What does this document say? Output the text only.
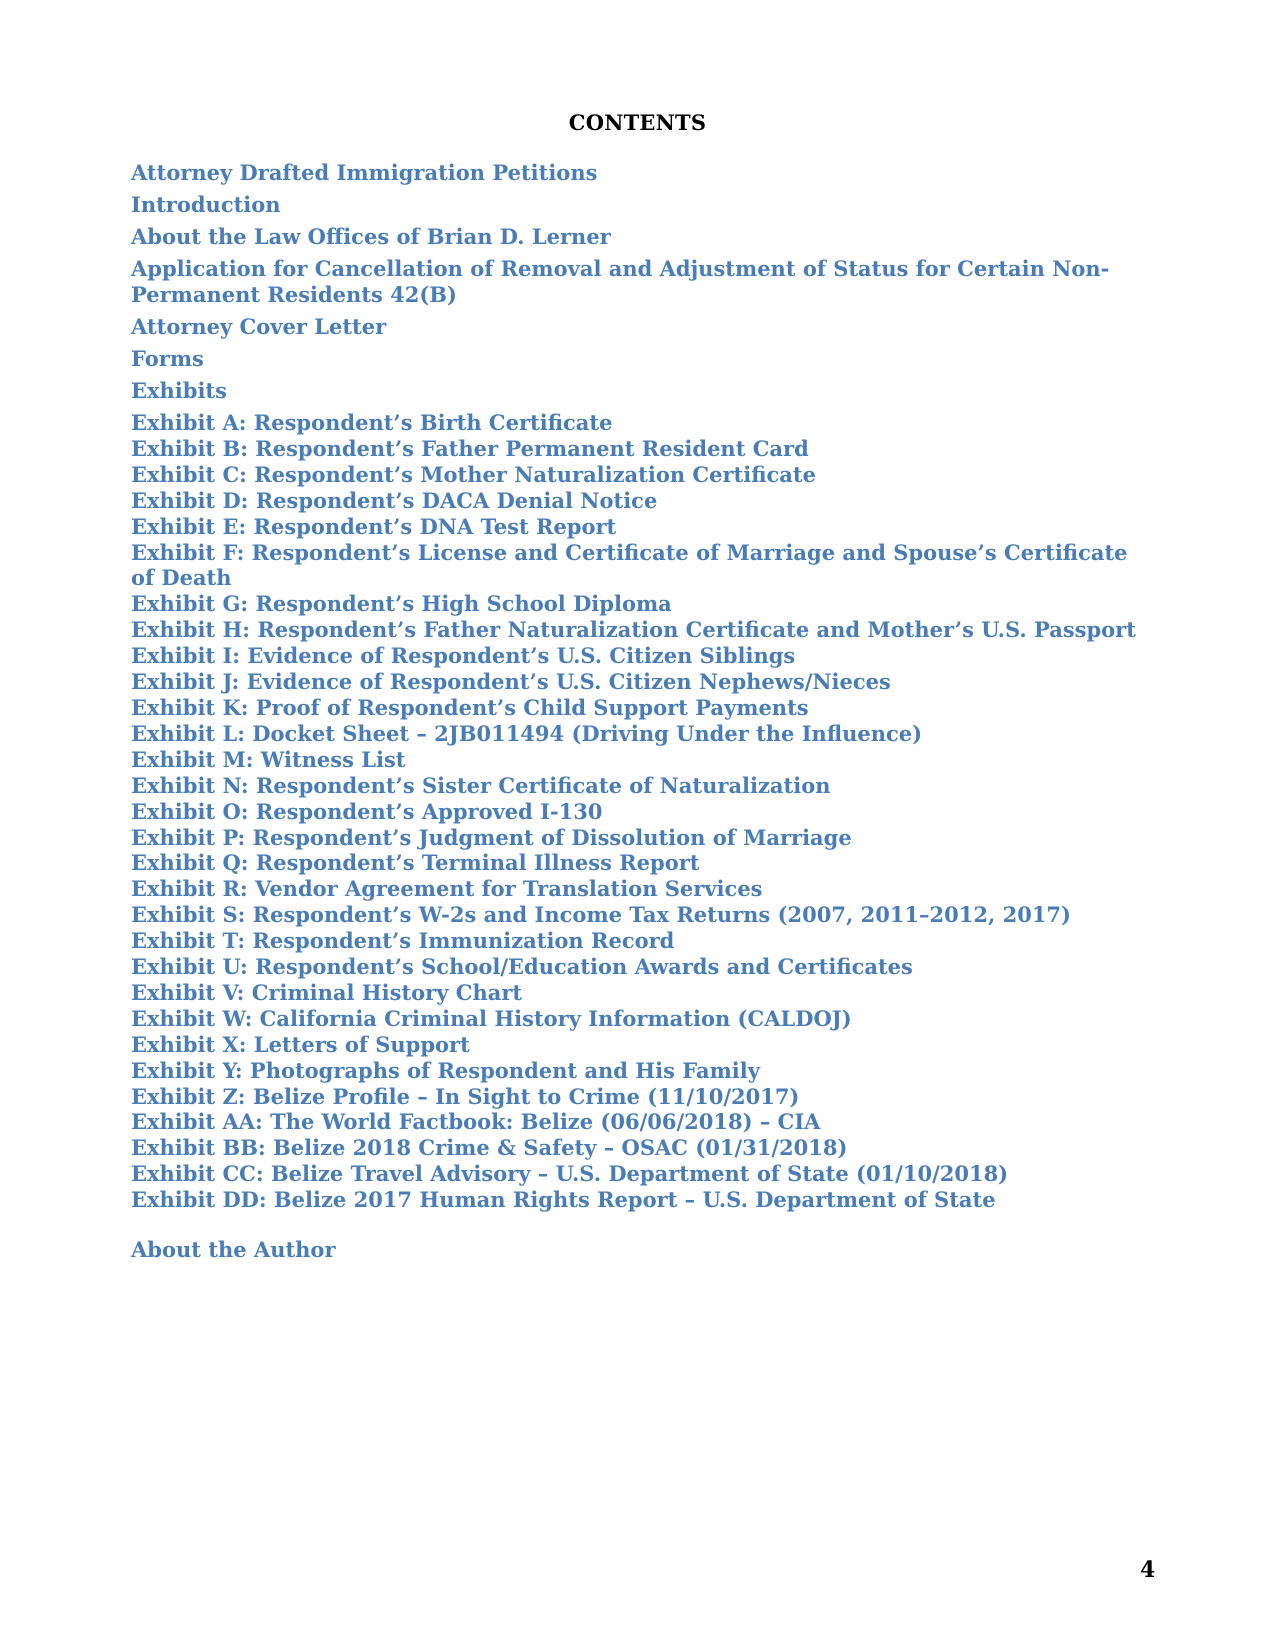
CONTENTS
Attorney Drafted Immigration Petitions
Introduction
About the Law Offices of Brian D. Lerner
Application for Cancellation of Removal and Adjustment of Status for Certain Non-Permanent Residents 42(B)
Attorney Cover Letter
Forms
Exhibits
Exhibit A: Respondent’s Birth Certificate
Exhibit B: Respondent’s Father Permanent Resident Card
Exhibit C: Respondent’s Mother Naturalization Certificate
Exhibit D: Respondent’s DACA Denial Notice
Exhibit E: Respondent’s DNA Test Report
Exhibit F: Respondent’s License and Certificate of Marriage and Spouse’s Certificate of Death
Exhibit G: Respondent’s High School Diploma
Exhibit H: Respondent’s Father Naturalization Certificate and Mother’s U.S. Passport
Exhibit I: Evidence of Respondent’s U.S. Citizen Siblings
Exhibit J: Evidence of Respondent’s U.S. Citizen Nephews/Nieces
Exhibit K: Proof of Respondent’s Child Support Payments
Exhibit L: Docket Sheet – 2JB011494 (Driving Under the Influence)
Exhibit M: Witness List
Exhibit N: Respondent’s Sister Certificate of Naturalization
Exhibit O: Respondent’s Approved I-130
Exhibit P: Respondent’s Judgment of Dissolution of Marriage
Exhibit Q: Respondent’s Terminal Illness Report
Exhibit R: Vendor Agreement for Translation Services
Exhibit S: Respondent’s W-2s and Income Tax Returns (2007, 2011–2012, 2017)
Exhibit T: Respondent’s Immunization Record
Exhibit U: Respondent’s School/Education Awards and Certificates
Exhibit V: Criminal History Chart
Exhibit W: California Criminal History Information (CALDOJ)
Exhibit X: Letters of Support
Exhibit Y: Photographs of Respondent and His Family
Exhibit Z: Belize Profile – In Sight to Crime (11/10/2017)
Exhibit AA: The World Factbook: Belize (06/06/2018) – CIA
Exhibit BB: Belize 2018 Crime & Safety – OSAC (01/31/2018)
Exhibit CC: Belize Travel Advisory – U.S. Department of State (01/10/2018)
Exhibit DD: Belize 2017 Human Rights Report – U.S. Department of State
About the Author
4
